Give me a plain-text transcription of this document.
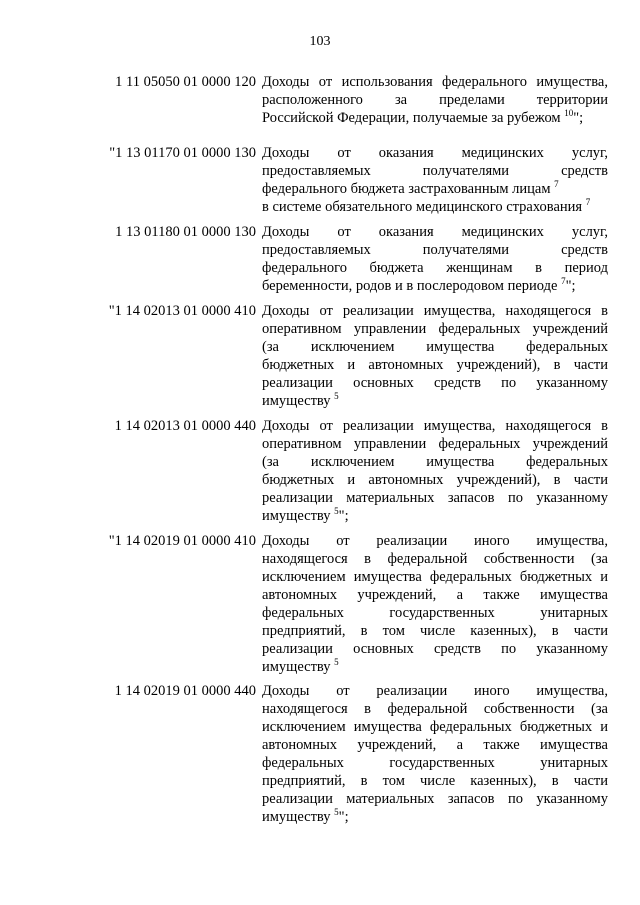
103
1 11 05050 01 0000 120 Доходы от использования федерального имущества,
расположенного за пределами территории
Российской Федерации, получаемые за рубежом $^{10}$";
"1 13 01170 01 0000 130 Доходы от оказания медицинских услуг,
предоставляемых получателями средств
федерального бюджета застрахованным лицам $^7$
в системе обязательного медицинского страхования $^7$
1 13 01180 01 0000 130 Доходы от оказания медицинских услуг,
предоставляемых получателями средств
федерального бюджета женщинам в период
беременности, родов и в послеродовом периоде $^7$";
"1 14 02013 01 0000 410 Доходы от реализации имущества, находящегося в
оперативном управлении федеральных учреждений
(за исключением имущества федеральных
бюджетных и автономных учреждений), в части
реализации основных средств по указанному
имуществу $^5$
1 14 02013 01 0000 440 Доходы от реализации имущества, находящегося в
оперативном управлении федеральных учреждений
(за исключением имущества федеральных
бюджетных и автономных учреждений), в части
реализации материальных запасов по указанному
имуществу $^5$";
"1 14 02019 01 0000 410 Доходы от реализации иного имущества,
находящегося в федеральной собственности (за
исключением имущества федеральных бюджетных и
автономных учреждений, а также имущества
федеральных государственных унитарных
предприятий, в том числе казенных), в части
реализации основных средств по указанному
имуществу $^5$
1 14 02019 01 0000 440 Доходы от реализации иного имущества,
находящегося в федеральной собственности (за
исключением имущества федеральных бюджетных и
автономных учреждений, а также имущества
федеральных государственных унитарных
предприятий, в том числе казенных), в части
реализации материальных запасов по указанному
имуществу $^5$";
